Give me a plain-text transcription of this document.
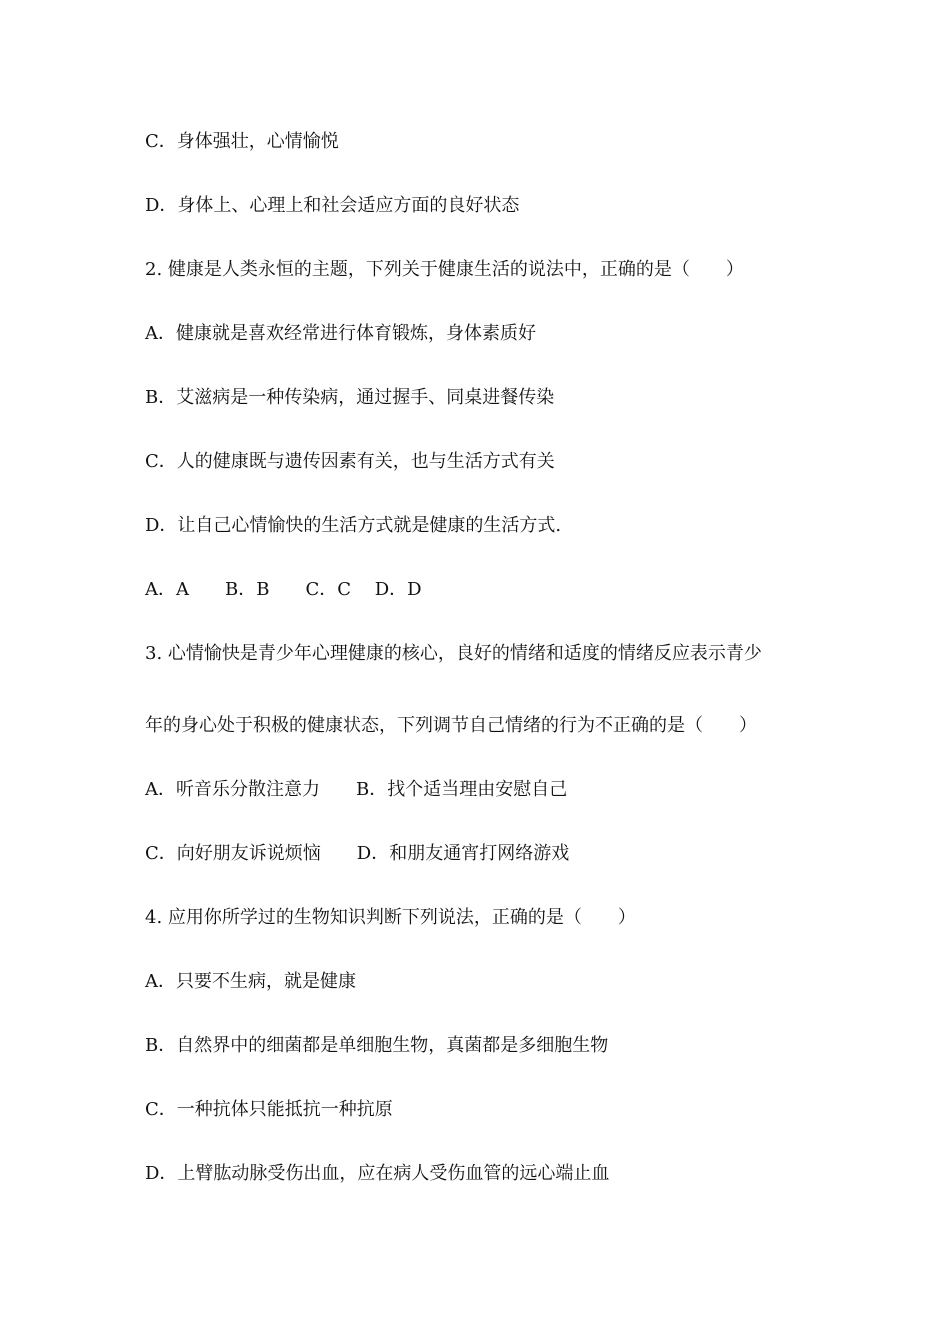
C．身体强壮，心情愉悦

D．身体上、心理上和社会适应方面的良好状态

2. 健康是人类永恒的主题，下列关于健康生活的说法中，正确的是（　　）

A．健康就是喜欢经常进行体育锻炼，身体素质好

B．艾滋病是一种传染病，通过握手、同桌进餐传染

C．人的健康既与遗传因素有关，也与生活方式有关

D．让自己心情愉快的生活方式就是健康的生活方式.

A．A　　B．B　　C．C　 D．D

3. 心情愉快是青少年心理健康的核心，良好的情绪和适度的情绪反应表示青少

年的身心处于积极的健康状态，下列调节自己情绪的行为不正确的是（　　）

A．听音乐分散注意力　　B．找个适当理由安慰自己

C．向好朋友诉说烦恼　　D．和朋友通宵打网络游戏

4. 应用你所学过的生物知识判断下列说法，正确的是（　　）

A．只要不生病，就是健康

B．自然界中的细菌都是单细胞生物，真菌都是多细胞生物

C．一种抗体只能抵抗一种抗原

D．上臂肱动脉受伤出血，应在病人受伤血管的远心端止血
